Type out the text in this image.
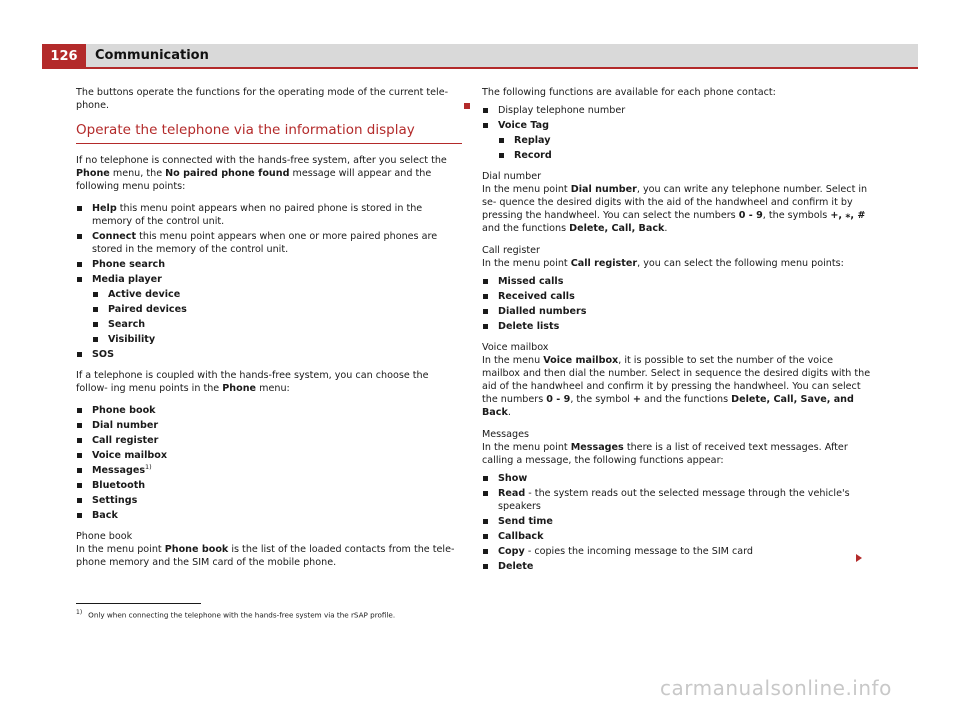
126	Communication

The buttons operate the functions for the operating mode of the current tele- phone.

Operate the telephone via the information display

If no telephone is connected with the hands-free system, after you select the Phone menu, the No paired phone found message will appear and the following menu points:

Help this menu point appears when no paired phone is stored in the memory of the control unit.
Connect this menu point appears when one or more paired phones are stored in the memory of the control unit.
Phone search
Media player
Active device
Paired devices
Search
Visibility
SOS

If a telephone is coupled with the hands-free system, you can choose the follow- ing menu points in the Phone menu:

Phone book
Dial number
Call register
Voice mailbox
Messages$^{1)}$
Bluetooth
Settings
Back

Phone book

In the menu point Phone book is the list of the loaded contacts from the tele- phone memory and the SIM card of the mobile phone.

The following functions are available for each phone contact:

Display telephone number
Voice Tag
Replay
Record

Dial number

In the menu point Dial number, you can write any telephone number. Select in se- quence the desired digits with the aid of the handwheel and confirm it by pressing the handwheel. You can select the numbers 0 - 9, the symbols +, ⁎, # and the functions Delete, Call, Back.

Call register

In the menu point Call register, you can select the following menu points:

Missed calls
Received calls
Dialled numbers
Delete lists

Voice mailbox

In the menu Voice mailbox, it is possible to set the number of the voice mailbox and then dial the number. Select in sequence the desired digits with the aid of the handwheel and confirm it by pressing the handwheel. You can select the numbers 0 - 9, the symbol + and the functions Delete, Call, Save, and Back.

Messages

In the menu point Messages there is a list of received text messages. After calling a message, the following functions appear:

Show
Read - the system reads out the selected message through the vehicle's speakers
Send time
Callback
Copy - copies the incoming message to the SIM card
Delete
$^{1)}$ Only when connecting the telephone with the hands-free system via the rSAP profile.
carmanualsonline.info
